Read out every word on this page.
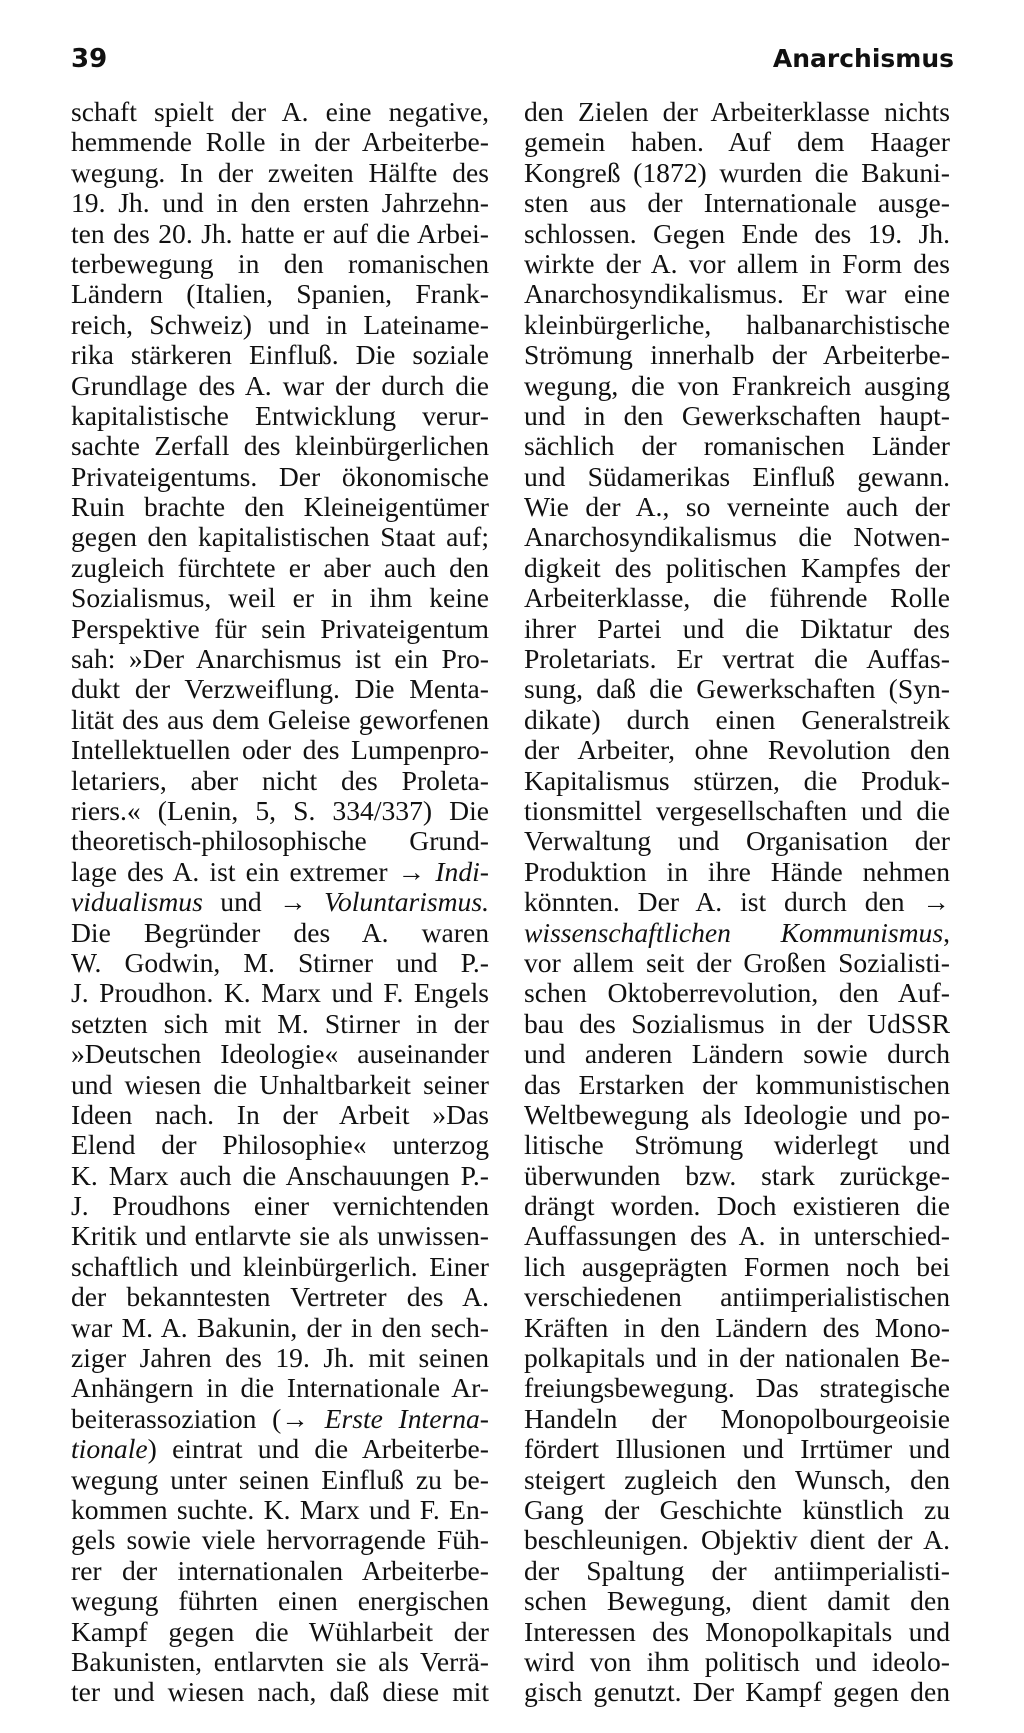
39	Anarchismus
schaft spielt der A. eine negative,
hemmende Rolle in der Arbeiterbe-
wegung. In der zweiten Hälfte des
19. Jh. und in den ersten Jahrzehn-
ten des 20. Jh. hatte er auf die Arbei-
terbewegung in den romanischen
Ländern (Italien, Spanien, Frank-
reich, Schweiz) und in Lateiname-
rika stärkeren Einfluß. Die soziale
Grundlage des A. war der durch die
kapitalistische Entwicklung verur-
sachte Zerfall des kleinbürgerlichen
Privateigentums. Der ökonomische
Ruin brachte den Kleineigentümer
gegen den kapitalistischen Staat auf;
zugleich fürchtete er aber auch den
Sozialismus, weil er in ihm keine
Perspektive für sein Privateigentum
sah: »Der Anarchismus ist ein Pro-
dukt der Verzweiflung. Die Menta-
lität des aus dem Geleise geworfenen
Intellektuellen oder des Lumpenpro-
letariers, aber nicht des Proleta-
riers.« (Lenin, 5, S. 334/337) Die
theoretisch-philosophische Grund-
lage des A. ist ein extremer → Indi-
vidualismus und → Voluntarismus.
Die Begründer des A. waren
W. Godwin, M. Stirner und P.-
J. Proudhon. K. Marx und F. Engels
setzten sich mit M. Stirner in der
»Deutschen Ideologie« auseinander
und wiesen die Unhaltbarkeit seiner
Ideen nach. In der Arbeit »Das
Elend der Philosophie« unterzog
K. Marx auch die Anschauungen P.-
J. Proudhons einer vernichtenden
Kritik und entlarvte sie als unwissen-
schaftlich und kleinbürgerlich. Einer
der bekanntesten Vertreter des A.
war M. A. Bakunin, der in den sech-
ziger Jahren des 19. Jh. mit seinen
Anhängern in die Internationale Ar-
beiterassoziation (→ Erste Interna-
tionale) eintrat und die Arbeiterbe-
wegung unter seinen Einfluß zu be-
kommen suchte. K. Marx und F. En-
gels sowie viele hervorragende Füh-
rer der internationalen Arbeiterbe-
wegung führten einen energischen
Kampf gegen die Wühlarbeit der
Bakunisten, entlarvten sie als Verrä-
ter und wiesen nach, daß diese mit
den Zielen der Arbeiterklasse nichts
gemein haben. Auf dem Haager
Kongreß (1872) wurden die Bakuni-
sten aus der Internationale ausge-
schlossen. Gegen Ende des 19. Jh.
wirkte der A. vor allem in Form des
Anarchosyndikalismus. Er war eine
kleinbürgerliche, halbanarchistische
Strömung innerhalb der Arbeiterbe-
wegung, die von Frankreich ausging
und in den Gewerkschaften haupt-
sächlich der romanischen Länder
und Südamerikas Einfluß gewann.
Wie der A., so verneinte auch der
Anarchosyndikalismus die Notwen-
digkeit des politischen Kampfes der
Arbeiterklasse, die führende Rolle
ihrer Partei und die Diktatur des
Proletariats. Er vertrat die Auffas-
sung, daß die Gewerkschaften (Syn-
dikate) durch einen Generalstreik
der Arbeiter, ohne Revolution den
Kapitalismus stürzen, die Produk-
tionsmittel vergesellschaften und die
Verwaltung und Organisation der
Produktion in ihre Hände nehmen
könnten. Der A. ist durch den →
wissenschaftlichen Kommunismus,
vor allem seit der Großen Sozialisti-
schen Oktoberrevolution, den Auf-
bau des Sozialismus in der UdSSR
und anderen Ländern sowie durch
das Erstarken der kommunistischen
Weltbewegung als Ideologie und po-
litische Strömung widerlegt und
überwunden bzw. stark zurückge-
drängt worden. Doch existieren die
Auffassungen des A. in unterschied-
lich ausgeprägten Formen noch bei
verschiedenen antiimperialistischen
Kräften in den Ländern des Mono-
polkapitals und in der nationalen Be-
freiungsbewegung. Das strategische
Handeln der Monopolbourgeoisie
fördert Illusionen und Irrtümer und
steigert zugleich den Wunsch, den
Gang der Geschichte künstlich zu
beschleunigen. Objektiv dient der A.
der Spaltung der antiimperialisti-
schen Bewegung, dient damit den
Interessen des Monopolkapitals und
wird von ihm politisch und ideolo-
gisch genutzt. Der Kampf gegen den
